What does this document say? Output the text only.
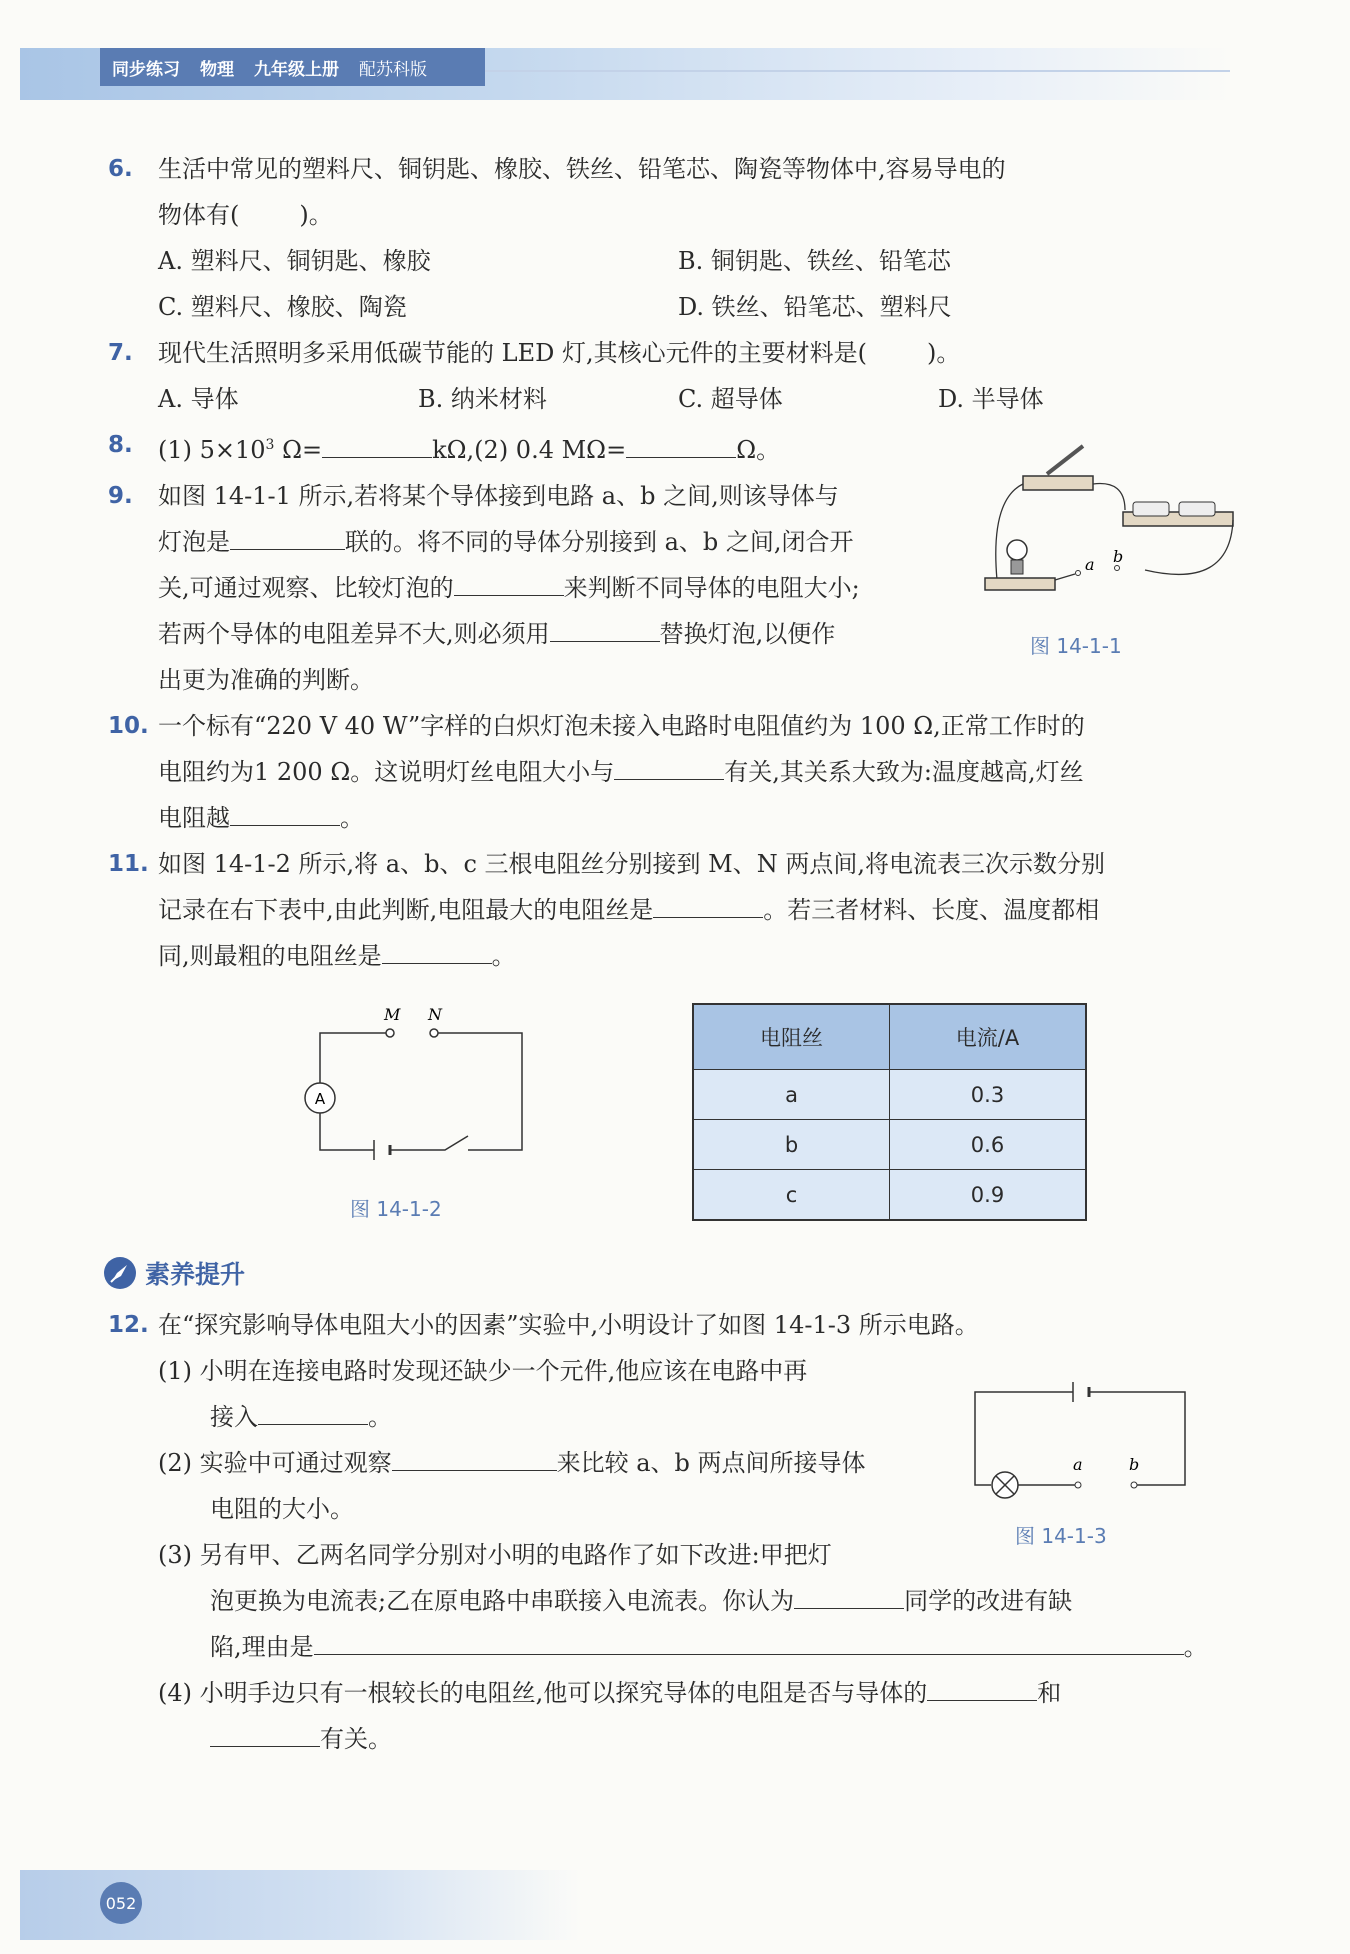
同步练习 物理 九年级上册 配苏科版
6. 生活中常见的塑料尺、铜钥匙、橡胶、铁丝、铅笔芯、陶瓷等物体中,容易导电的
物体有(	)。
A. 塑料尺、铜钥匙、橡胶	B. 铜钥匙、铁丝、铅笔芯
C. 塑料尺、橡胶、陶瓷	D. 铁丝、铅笔芯、塑料尺
7. 现代生活照明多采用低碳节能的 LED 灯,其核心元件的主要材料是(	)。
A. 导体	B. 纳米材料	C. 超导体	D. 半导体
8. (1) $5\times 10^3$ Ω=	kΩ,(2) 0.4 MΩ=	Ω。
9. 如图 14-1-1 所示,若将某个导体接到电路 a、b 之间,则该导体与
灯泡是	联的。将不同的导体分别接到 a、b 之间,闭合开
关,可通过观察、比较灯泡的	来判断不同导体的电阻大小;
若两个导体的电阻差异不大,则必须用	替换灯泡,以便作
出更为准确的判断。
10. 一个标有“220 V 40 W”字样的白炽灯泡未接入电路时电阻值约为 100 Ω,正常工作时的
电阻约为1 200 Ω。这说明灯丝电阻大小与	有关,其关系大致为:温度越高,灯丝
电阻越	。
11. 如图 14-1-2 所示,将 a、b、c 三根电阻丝分别接到 M、N 两点间,将电流表三次示数分别
记录在右下表中,由此判断,电阻最大的电阻丝是	。若三者材料、长度、温度都相
同,则最粗的电阻丝是	。
a b
图 14-1-1
A
M N
图 14-1-2
电阻丝	电流/A
a	0.3
b	0.6
c	0.9
素养提升
12. 在“探究影响导体电阻大小的因素”实验中,小明设计了如图 14-1-3 所示电路。
(1) 小明在连接电路时发现还缺少一个元件,他应该在电路中再
接入	。
(2) 实验中可通过观察	来比较 a、b 两点间所接导体
电阻的大小。
(3) 另有甲、乙两名同学分别对小明的电路作了如下改进:甲把灯
泡更换为电流表;乙在原电路中串联接入电流表。你认为	同学的改进有缺
陷,理由是	。
(4) 小明手边只有一根较长的电阻丝,他可以探究导体的电阻是否与导体的	和
有关。
a	b
图 14-1-3
052
